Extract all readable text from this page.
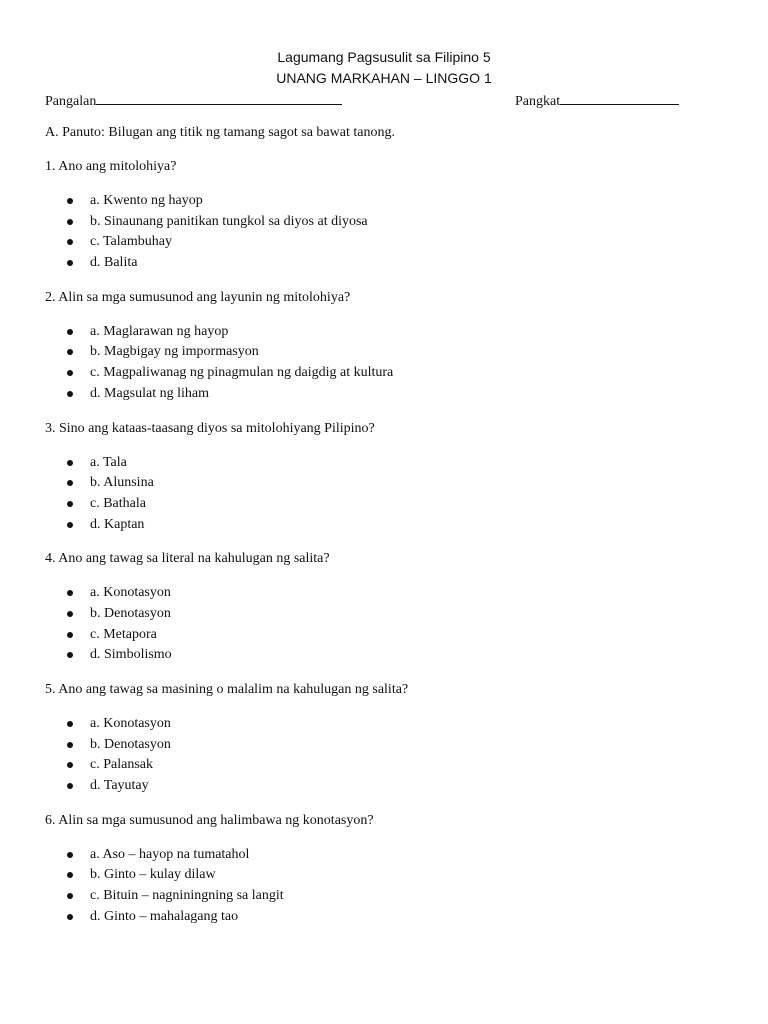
Lagumang Pagsusulit sa Filipino 5
UNANG MARKAHAN – LINGGO 1
Pangalan	Pangkat
A. Panuto: Bilugan ang titik ng tamang sagot sa bawat tanong.
1. Ano ang mitolohiya?
a. Kwento ng hayop
b. Sinaunang panitikan tungkol sa diyos at diyosa
c. Talambuhay
d. Balita
2. Alin sa mga sumusunod ang layunin ng mitolohiya?
a. Maglarawan ng hayop
b. Magbigay ng impormasyon
c. Magpaliwanag ng pinagmulan ng daigdig at kultura
d. Magsulat ng liham
3. Sino ang kataas-taasang diyos sa mitolohiyang Pilipino?
a. Tala
b. Alunsina
c. Bathala
d. Kaptan
4. Ano ang tawag sa literal na kahulugan ng salita?
a. Konotasyon
b. Denotasyon
c. Metapora
d. Simbolismo
5. Ano ang tawag sa masining o malalim na kahulugan ng salita?
a. Konotasyon
b. Denotasyon
c. Palansak
d. Tayutay
6. Alin sa mga sumusunod ang halimbawa ng konotasyon?
a. Aso – hayop na tumatahol
b. Ginto – kulay dilaw
c. Bituin – nagniningning sa langit
d. Ginto – mahalagang tao
